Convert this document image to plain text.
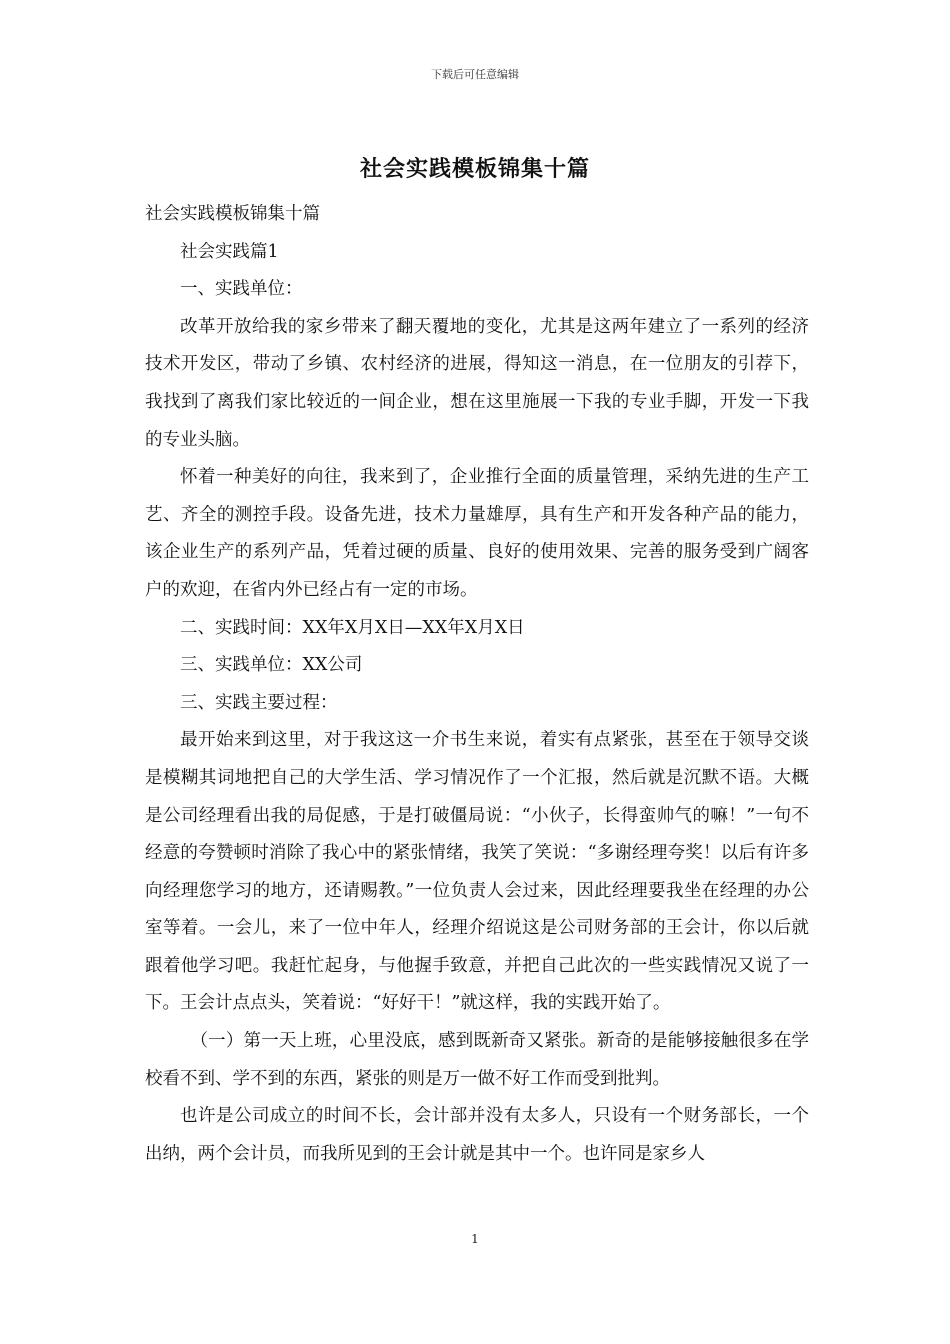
下载后可任意编辑
社会实践模板锦集十篇

社会实践模板锦集十篇

社会实践篇1

一、实践单位：

改革开放给我的家乡带来了翻天覆地的变化，尤其是这两年建立了一系列的经济技术开发区，带动了乡镇、农村经济的进展，得知这一消息，在一位朋友的引荐下，我找到了离我们家比较近的一间企业，想在这里施展一下我的专业手脚，开发一下我的专业头脑。

怀着一种美好的向往，我来到了，企业推行全面的质量管理，采纳先进的生产工艺、齐全的测控手段。设备先进，技术力量雄厚，具有生产和开发各种产品的能力，该企业生产的系列产品，凭着过硬的质量、良好的使用效果、完善的服务受到广阔客户的欢迎，在省内外已经占有一定的市场。

二、实践时间：XX年X月X日—XX年X月X日

三、实践单位：XX公司

三、实践主要过程：

最开始来到这里，对于我这这一介书生来说，着实有点紧张，甚至在于领导交谈是模糊其词地把自己的大学生活、学习情况作了一个汇报，然后就是沉默不语。大概是公司经理看出我的局促感，于是打破僵局说：“小伙子，长得蛮帅气的嘛！”一句不经意的夸赞顿时消除了我心中的紧张情绪，我笑了笑说：“多谢经理夸奖！以后有许多向经理您学习的地方，还请赐教。”一位负责人会过来，因此经理要我坐在经理的办公室等着。一会儿，来了一位中年人，经理介绍说这是公司财务部的王会计，你以后就跟着他学习吧。我赶忙起身，与他握手致意，并把自己此次的一些实践情况又说了一下。王会计点点头，笑着说：“好好干！”就这样，我的实践开始了。

（一）第一天上班，心里没底，感到既新奇又紧张。新奇的是能够接触很多在学校看不到、学不到的东西，紧张的则是万一做不好工作而受到批判。

也许是公司成立的时间不长，会计部并没有太多人，只设有一个财务部长，一个出纳，两个会计员，而我所见到的王会计就是其中一个。也许同是家乡人

1
